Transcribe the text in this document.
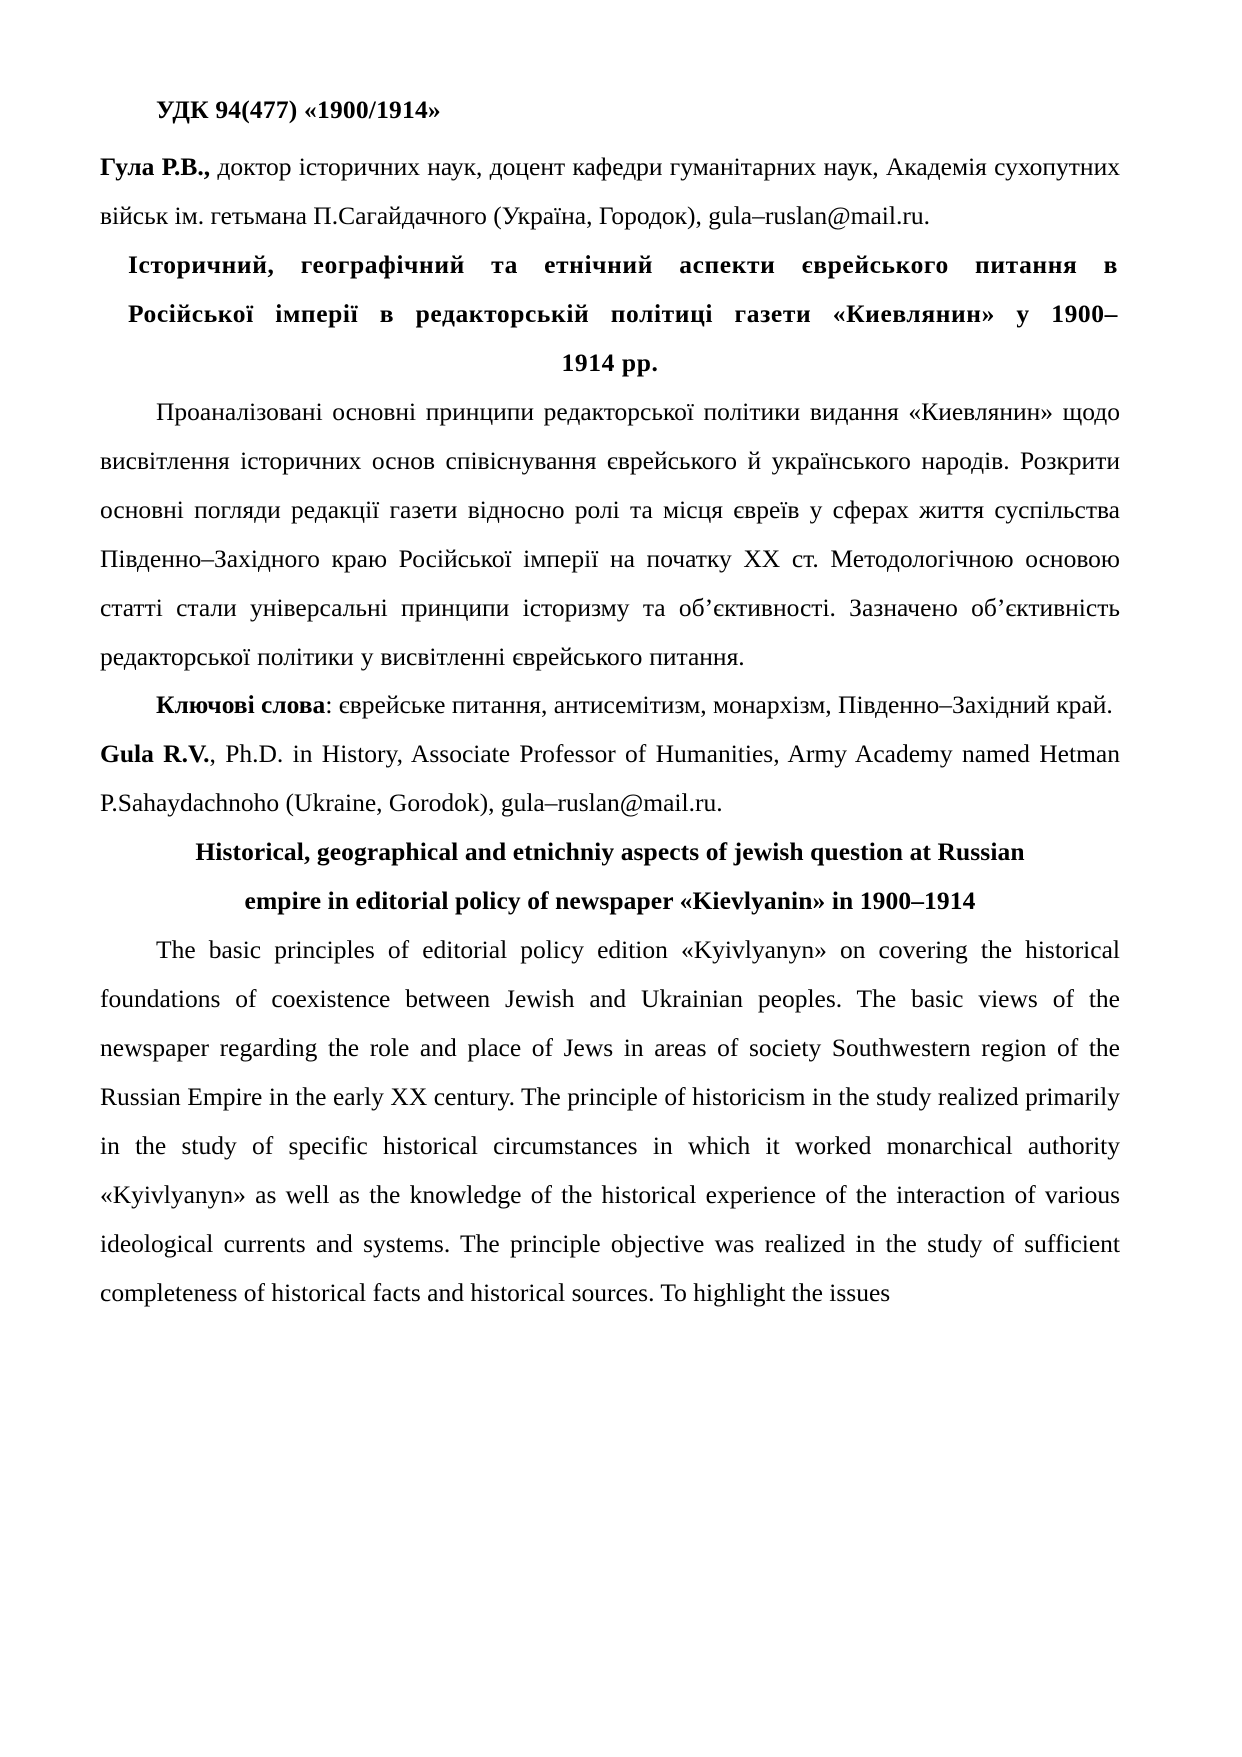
УДК 94(477) «1900/1914»

Гула Р.В., доктор історичних наук, доцент кафедри гуманітарних наук, Академія сухопутних військ ім. гетьмана П.Сагайдачного (Україна, Городок), gula–ruslan@mail.ru.

Історичний, географічний та етнічний аспекти єврейського питання в
Російської імперії в редакторській політиці газети «Киевлянин» у 1900–
1914 рр.

Проаналізовані основні принципи редакторської політики видання «Киевлянин» щодо висвітлення історичних основ співіснування єврейського й українського народів. Розкрити основні погляди редакції газети відносно ролі та місця євреїв у сферах життя суспільства Південно–Західного краю Російської імперії на початку XX ст. Методологічною основою статті стали універсальні принципи історизму та об’єктивності. Зазначено об’єктивність редакторської політики у висвітленні єврейського питання.

Ключові слова: єврейське питання, антисемітизм, монархізм, Південно–Західний край.

Gula R.V., Ph.D. in History, Associate Professor of Humanities, Army Academy named Hetman P.Sahaydachnoho (Ukraine, Gorodok), gula–ruslan@mail.ru.

Historical, geographical and etnichniy aspects of jewish question at Russian
empire in editorial policy of newspaper «Kievlyanin» in 1900–1914

The basic principles of editorial policy edition «Kyivlyanyn» on covering the historical foundations of coexistence between Jewish and Ukrainian peoples. The basic views of the newspaper regarding the role and place of Jews in areas of society Southwestern region of the Russian Empire in the early XX century. The principle of historicism in the study realized primarily in the study of specific historical circumstances in which it worked monarchical authority «Kyivlyanyn» as well as the knowledge of the historical experience of the interaction of various ideological currents and systems. The principle objective was realized in the study of sufficient completeness of historical facts and historical sources. To highlight the issues
